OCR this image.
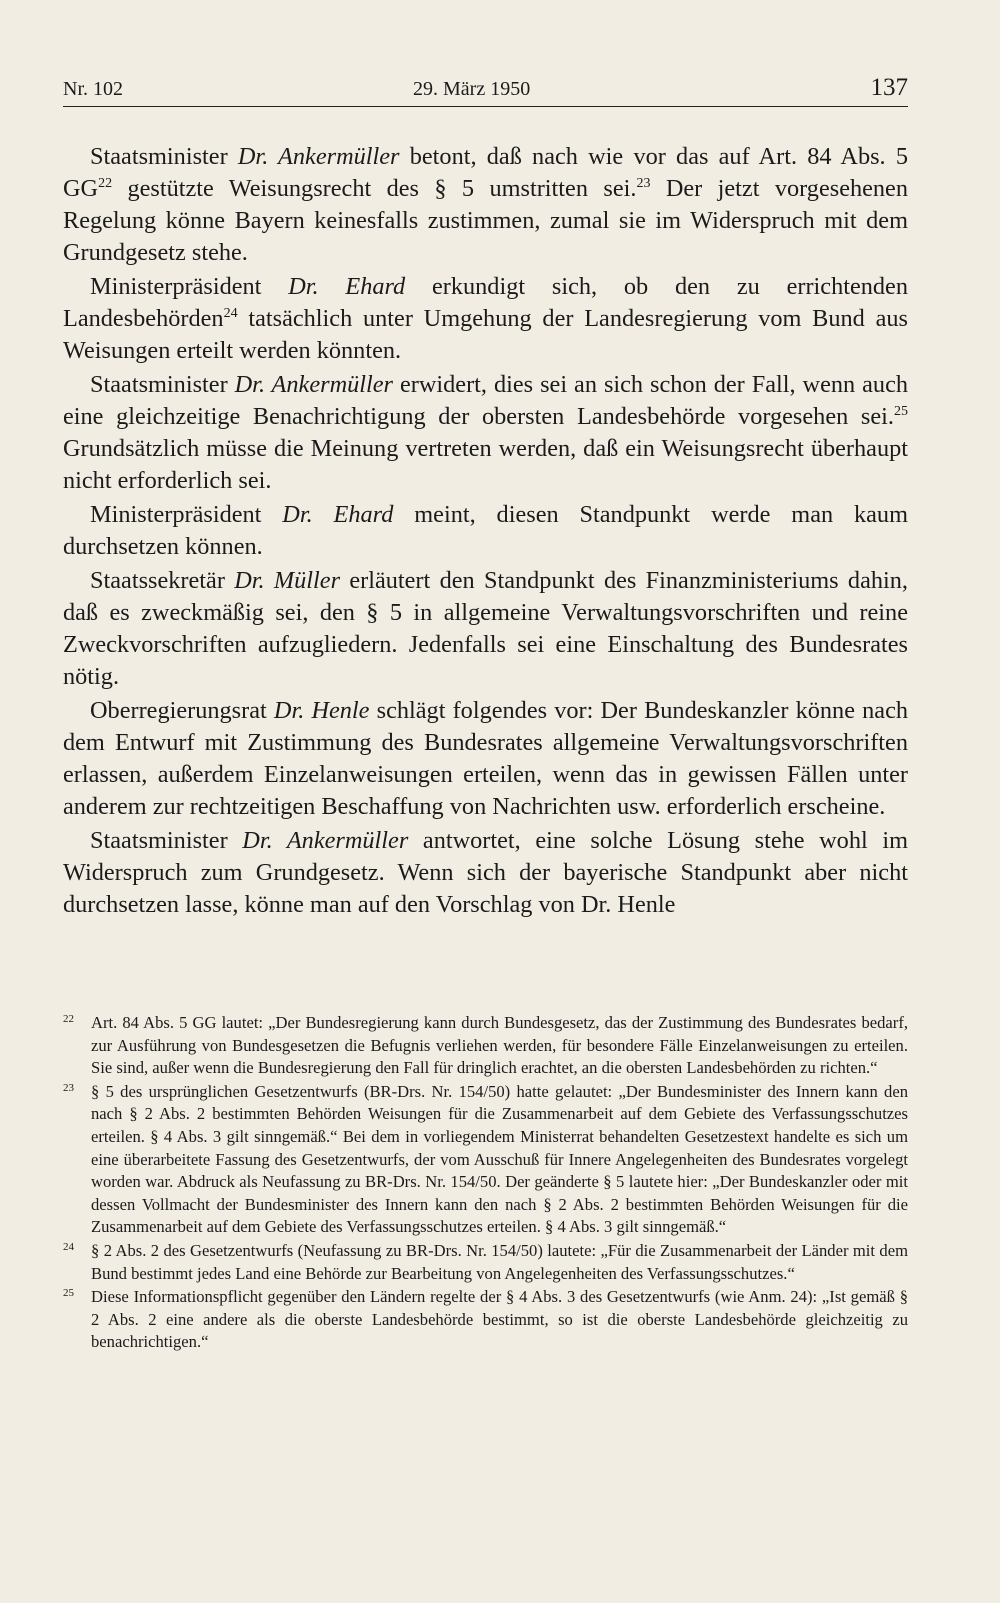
Nr. 102	29. März 1950	137

Staatsminister Dr. Ankermüller betont, daß nach wie vor das auf Art. 84 Abs. 5 GG$^{22}$ gestützte Weisungsrecht des § 5 umstritten sei.$^{23}$ Der jetzt vorgesehenen Regelung könne Bayern keinesfalls zustimmen, zumal sie im Widerspruch mit dem Grundgesetz stehe.

Ministerpräsident Dr. Ehard erkundigt sich, ob den zu errichtenden Landesbehörden$^{24}$ tatsächlich unter Umgehung der Landesregierung vom Bund aus Weisungen erteilt werden könnten.

Staatsminister Dr. Ankermüller erwidert, dies sei an sich schon der Fall, wenn auch eine gleichzeitige Benachrichtigung der obersten Landesbehörde vorgesehen sei.$^{25}$ Grundsätzlich müsse die Meinung vertreten werden, daß ein Weisungsrecht überhaupt nicht erforderlich sei.

Ministerpräsident Dr. Ehard meint, diesen Standpunkt werde man kaum durchsetzen können.

Staatssekretär Dr. Müller erläutert den Standpunkt des Finanzministeriums dahin, daß es zweckmäßig sei, den § 5 in allgemeine Verwaltungsvorschriften und reine Zweckvorschriften aufzugliedern. Jedenfalls sei eine Einschaltung des Bundesrates nötig.

Oberregierungsrat Dr. Henle schlägt folgendes vor: Der Bundeskanzler könne nach dem Entwurf mit Zustimmung des Bundesrates allgemeine Verwaltungsvorschriften erlassen, außerdem Einzelanweisungen erteilen, wenn das in gewissen Fällen unter anderem zur rechtzeitigen Beschaffung von Nachrichten usw. erforderlich erscheine.

Staatsminister Dr. Ankermüller antwortet, eine solche Lösung stehe wohl im Widerspruch zum Grundgesetz. Wenn sich der bayerische Standpunkt aber nicht durchsetzen lasse, könne man auf den Vorschlag von Dr. Henle

22 Art. 84 Abs. 5 GG lautet: „Der Bundesregierung kann durch Bundesgesetz, das der Zustimmung des Bundesrates bedarf, zur Ausführung von Bundesgesetzen die Befugnis verliehen werden, für besondere Fälle Einzelanweisungen zu erteilen. Sie sind, außer wenn die Bundesregierung den Fall für dringlich erachtet, an die obersten Landesbehörden zu richten.“
23 § 5 des ursprünglichen Gesetzentwurfs (BR-Drs. Nr. 154/50) hatte gelautet: „Der Bundesminister des Innern kann den nach § 2 Abs. 2 bestimmten Behörden Weisungen für die Zusammenarbeit auf dem Gebiete des Verfassungsschutzes erteilen. § 4 Abs. 3 gilt sinngemäß.“ Bei dem in vorliegendem Ministerrat behandelten Gesetzestext handelte es sich um eine überarbeitete Fassung des Gesetzentwurfs, der vom Ausschuß für Innere Angelegenheiten des Bundesrates vorgelegt worden war. Abdruck als Neufassung zu BR-Drs. Nr. 154/50. Der geänderte § 5 lautete hier: „Der Bundeskanzler oder mit dessen Vollmacht der Bundesminister des Innern kann den nach § 2 Abs. 2 bestimmten Behörden Weisungen für die Zusammenarbeit auf dem Gebiete des Verfassungsschutzes erteilen. § 4 Abs. 3 gilt sinngemäß.“
24 § 2 Abs. 2 des Gesetzentwurfs (Neufassung zu BR-Drs. Nr. 154/50) lautete: „Für die Zusammenarbeit der Länder mit dem Bund bestimmt jedes Land eine Behörde zur Bearbeitung von Angelegenheiten des Verfassungsschutzes.“
25 Diese Informationspflicht gegenüber den Ländern regelte der § 4 Abs. 3 des Gesetzentwurfs (wie Anm. 24): „Ist gemäß § 2 Abs. 2 eine andere als die oberste Landesbehörde bestimmt, so ist die oberste Landesbehörde gleichzeitig zu benachrichtigen.“
